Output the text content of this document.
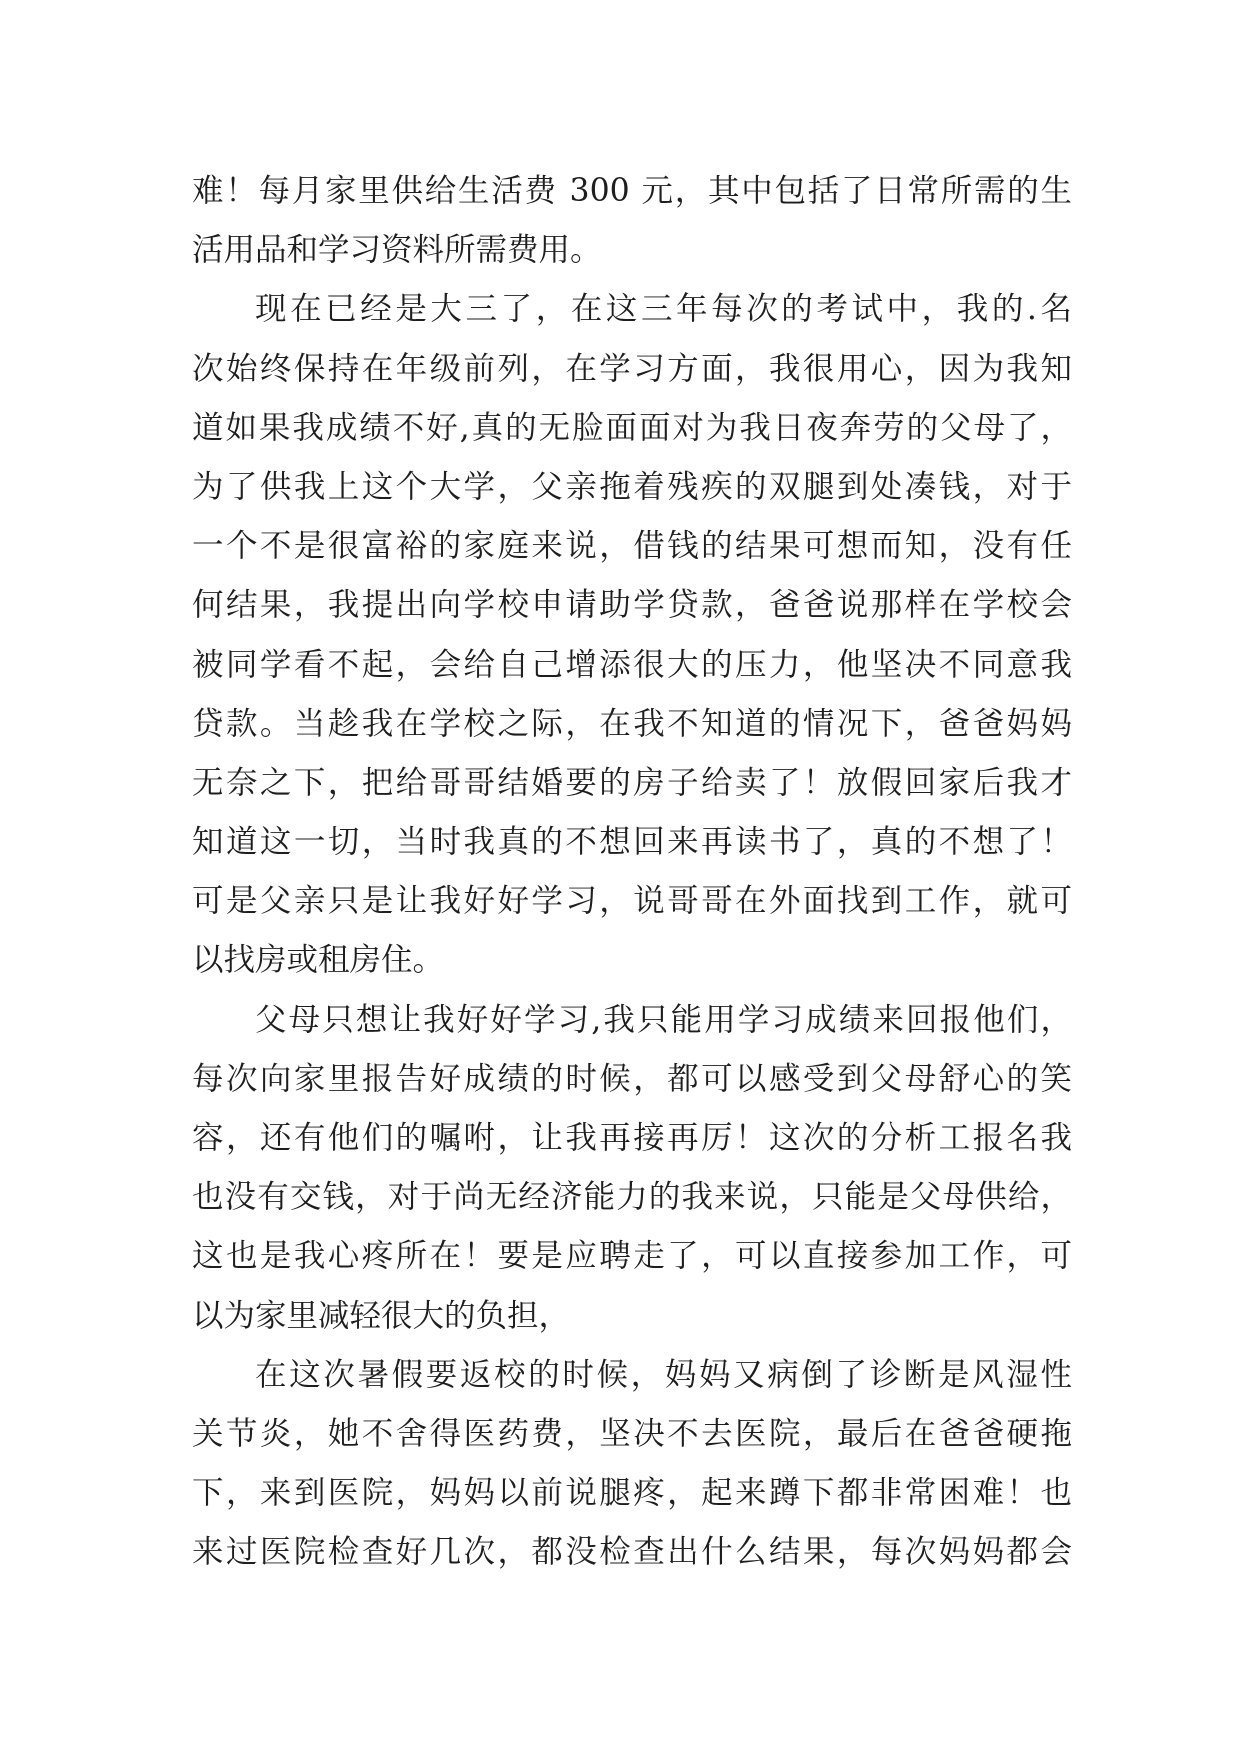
难！每月家里供给生活费 300 元，其中包括了日常所需的生
活用品和学习资料所需费用。
现在已经是大三了，在这三年每次的考试中，我的.名
次始终保持在年级前列，在学习方面，我很用心，因为我知
道如果我成绩不好,真的无脸面面对为我日夜奔劳的父母了，
为了供我上这个大学，父亲拖着残疾的双腿到处凑钱，对于
一个不是很富裕的家庭来说，借钱的结果可想而知，没有任
何结果，我提出向学校申请助学贷款，爸爸说那样在学校会
被同学看不起，会给自己增添很大的压力，他坚决不同意我
贷款。当趁我在学校之际，在我不知道的情况下，爸爸妈妈
无奈之下，把给哥哥结婚要的房子给卖了！放假回家后我才
知道这一切，当时我真的不想回来再读书了，真的不想了！
可是父亲只是让我好好学习，说哥哥在外面找到工作，就可
以找房或租房住。
父母只想让我好好学习,我只能用学习成绩来回报他们，
每次向家里报告好成绩的时候，都可以感受到父母舒心的笑
容，还有他们的嘱咐，让我再接再厉！这次的分析工报名我
也没有交钱，对于尚无经济能力的我来说，只能是父母供给，
这也是我心疼所在！要是应聘走了，可以直接参加工作，可
以为家里减轻很大的负担，
在这次暑假要返校的时候，妈妈又病倒了诊断是风湿性
关节炎，她不舍得医药费，坚决不去医院，最后在爸爸硬拖
下，来到医院，妈妈以前说腿疼，起来蹲下都非常困难！也
来过医院检查好几次，都没检查出什么结果，每次妈妈都会
